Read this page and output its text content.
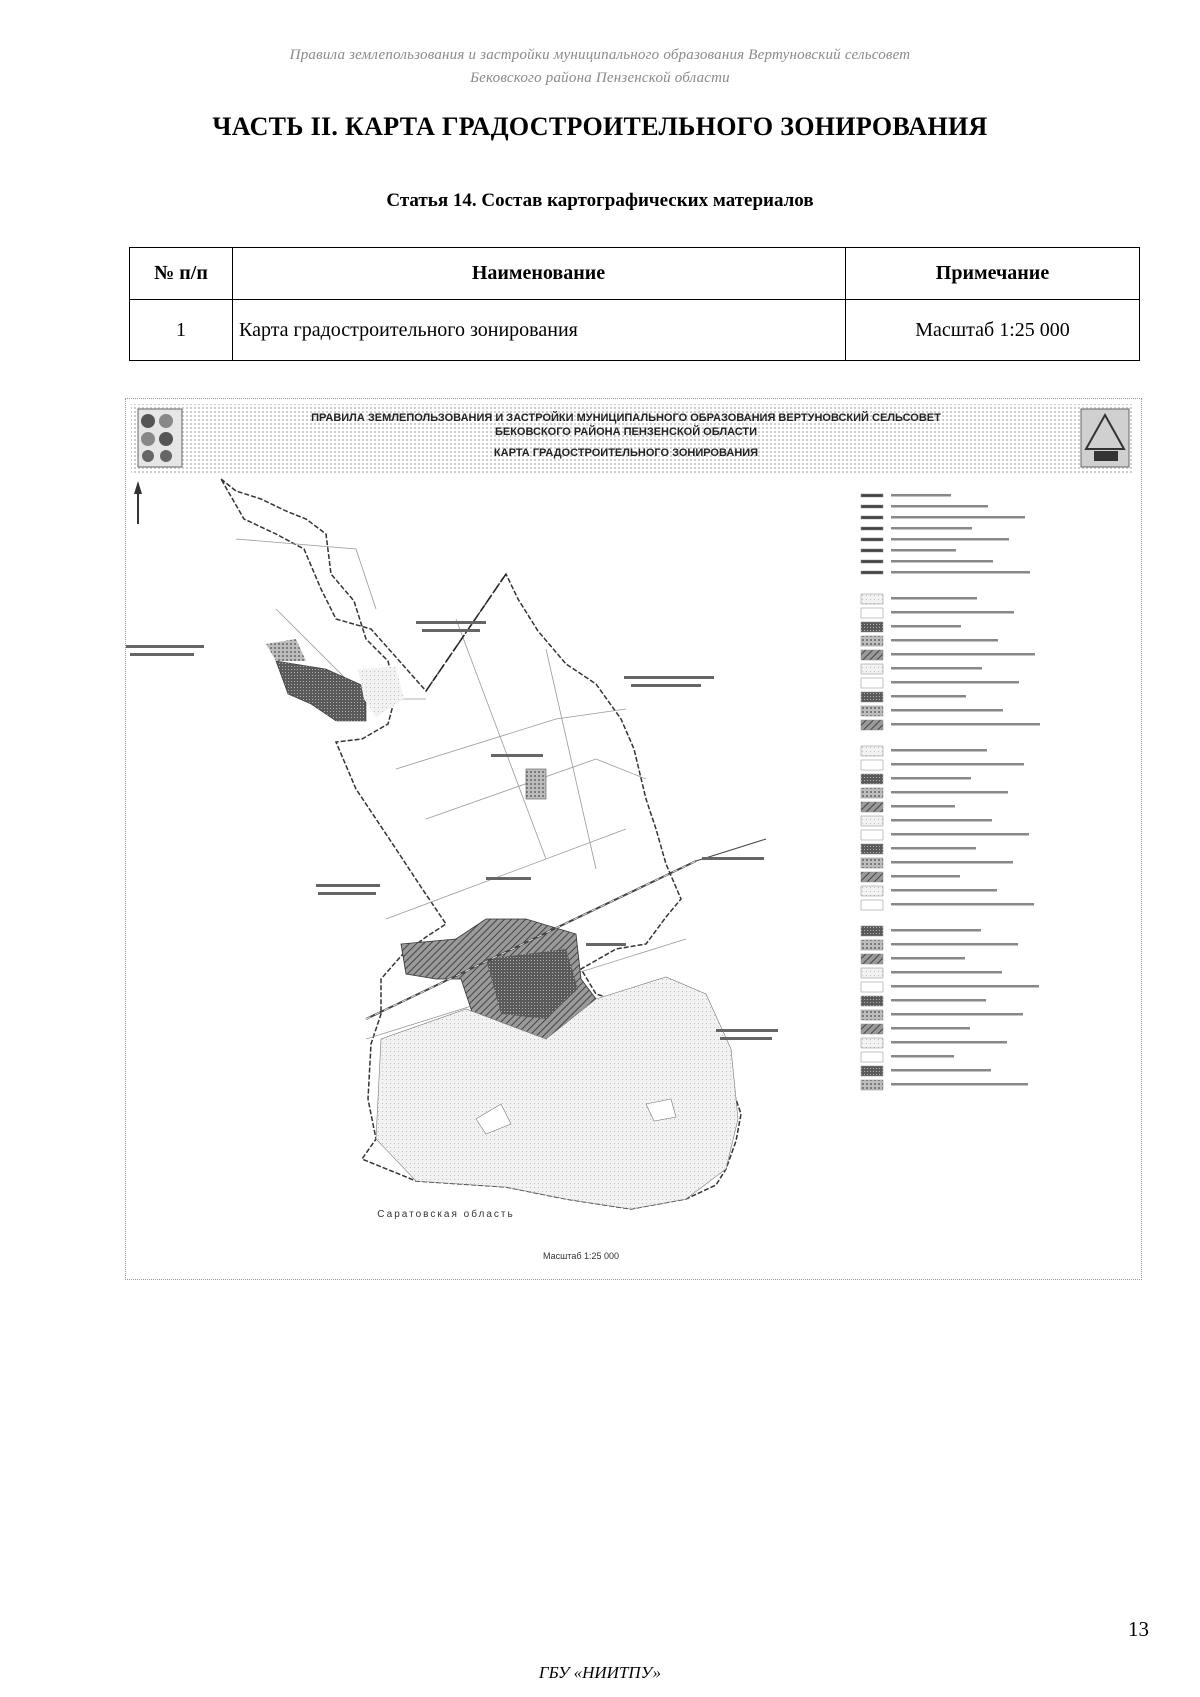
Правила землепользования и застройки муниципального образования Вертуновский сельсовет
Бековского района Пензенской области
ЧАСТЬ II. КАРТА ГРАДОСТРОИТЕЛЬНОГО ЗОНИРОВАНИЯ
Статья 14. Состав картографических материалов
№ п/п	Наименование	Примечание
1	Карта градостроительного зонирования	Масштаб 1:25 000
ПРАВИЛА ЗЕМЛЕПОЛЬЗОВАНИЯ И ЗАСТРОЙКИ МУНИЦИПАЛЬНОГО ОБРАЗОВАНИЯ ВЕРТУНОВСКИЙ СЕЛЬСОВЕТ
БЕКОВСКОГО РАЙОНА ПЕНЗЕНСКОЙ ОБЛАСТИ
КАРТА ГРАДОСТРОИТЕЛЬНОГО ЗОНИРОВАНИЯ
Саратовская область
Масштаб 1:25 000
13
ГБУ «НИИТПУ»
